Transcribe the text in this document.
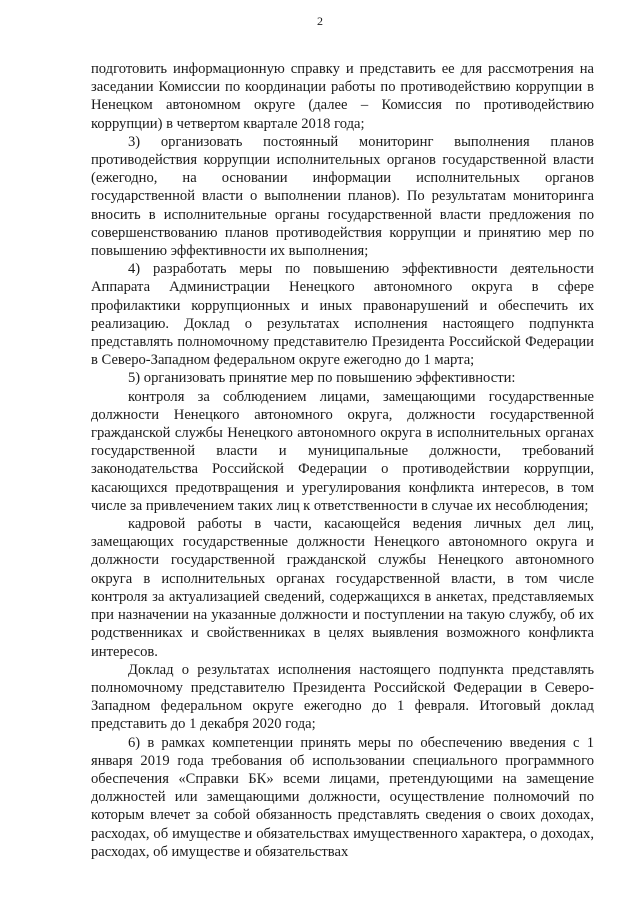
2

подготовить информационную справку и представить ее для рассмотрения на заседании Комиссии по координации работы по противодействию коррупции в Ненецком автономном округе (далее – Комиссия по противодействию коррупции) в четвертом квартале 2018 года;

3) организовать постоянный мониторинг выполнения планов противодействия коррупции исполнительных органов государственной власти (ежегодно, на основании информации исполнительных органов государственной власти о выполнении планов). По результатам мониторинга вносить в исполнительные органы государственной власти предложения по совершенствованию планов противодействия коррупции и принятию мер по повышению эффективности их выполнения;

4) разработать меры по повышению эффективности деятельности Аппарата Администрации Ненецкого автономного округа в сфере профилактики коррупционных и иных правонарушений и обеспечить их реализацию. Доклад о результатах исполнения настоящего подпункта представлять полномочному представителю Президента Российской Федерации в Северо-Западном федеральном округе ежегодно до 1 марта;

5) организовать принятие мер по повышению эффективности:

контроля за соблюдением лицами, замещающими государственные должности Ненецкого автономного округа, должности государственной гражданской службы Ненецкого автономного округа в исполнительных органах государственной власти и муниципальные должности, требований законодательства Российской Федерации о противодействии коррупции, касающихся предотвращения и урегулирования конфликта интересов, в том числе за привлечением таких лиц к ответственности в случае их несоблюдения;

кадровой работы в части, касающейся ведения личных дел лиц, замещающих государственные должности Ненецкого автономного округа и должности государственной гражданской службы Ненецкого автономного округа в исполнительных органах государственной власти, в том числе контроля за актуализацией сведений, содержащихся в анкетах, представляемых при назначении на указанные должности и поступлении на такую службу, об их родственниках и свойственниках в целях выявления возможного конфликта интересов.

Доклад о результатах исполнения настоящего подпункта представлять полномочному представителю Президента Российской Федерации в Северо-Западном федеральном округе ежегодно до 1 февраля. Итоговый доклад представить до 1 декабря 2020 года;

6) в рамках компетенции принять меры по обеспечению введения с 1 января 2019 года требования об использовании специального программного обеспечения «Справки БК» всеми лицами, претендующими на замещение должностей или замещающими должности, осуществление полномочий по которым влечет за собой обязанность представлять сведения о своих доходах, расходах, об имуществе и обязательствах имущественного характера, о доходах, расходах, об имуществе и обязательствах
